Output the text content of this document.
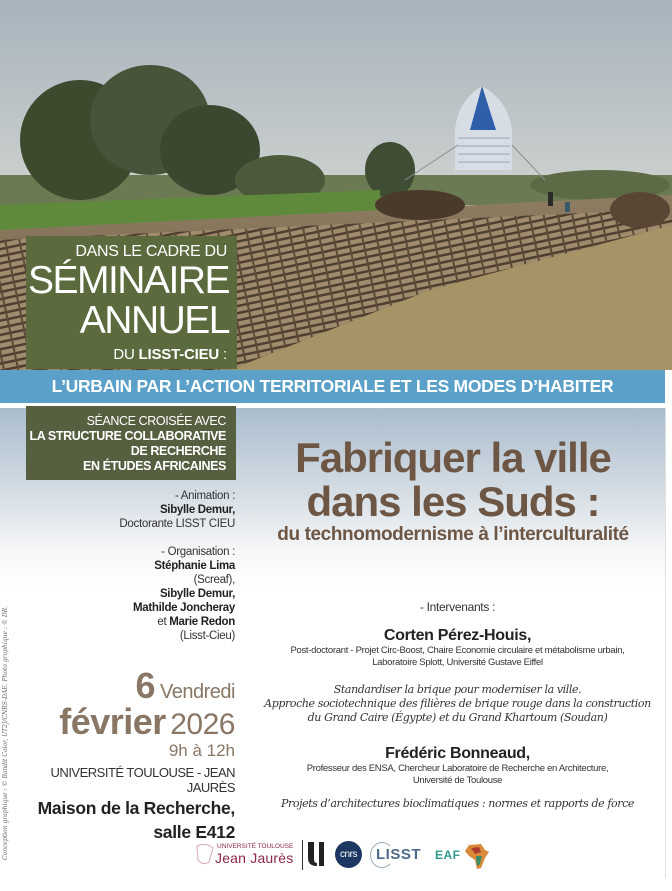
DANS LE CADRE DU
SÉMINAIRE
ANNUEL
DU LISST-CIEU :
L’URBAIN PAR L’ACTION TERRITORIALE ET LES MODES D’HABITER
SÉANCE CROISÉE AVEC
LA STRUCTURE COLLABORATIVE
DE RECHERCHE
EN ÉTUDES AFRICAINES	Fabriquer la ville
dans les Suds :
du technomodernisme à l’interculturalité
- Animation :
Sibylle Demur,
Doctorante LISST CIEU
- Organisation :
Stéphanie Lima
(Screaf),
Sibylle Demur,
Mathilde Joncheray
et Marie Redon
(Lisst-Cieu)
6 Vendredi
février 2026
9h à 12h
UNIVERSITÉ TOULOUSE - JEAN JAURÈS
Maison de la Recherche,
salle E412
- Intervenants :
Corten Pérez-Houis,
Post-doctorant - Projet Circ-Boost, Chaire Economie circulaire et métabolisme urbain,
Laboratoire Splott, Université Gustave Eiffel
Standardiser la brique pour moderniser la ville.
Approche sociotechnique des filières de brique rouge dans la construction
du Grand Caire (Égypte) et du Grand Khartoum (Soudan)
Frédéric Bonneaud,
Professeur des ENSA, Chercheur Laboratoire de Recherche en Architecture,
Université de Toulouse
Projets d’architectures bioclimatiques : normes et rapports de force
Conception graphique : © Bandit Color, UT2J/CNRS-DAE. Photo graphique : © DR.	UNIVERSITÉ TOULOUSE
Jean Jaurès	cnrs	LISST EAF
